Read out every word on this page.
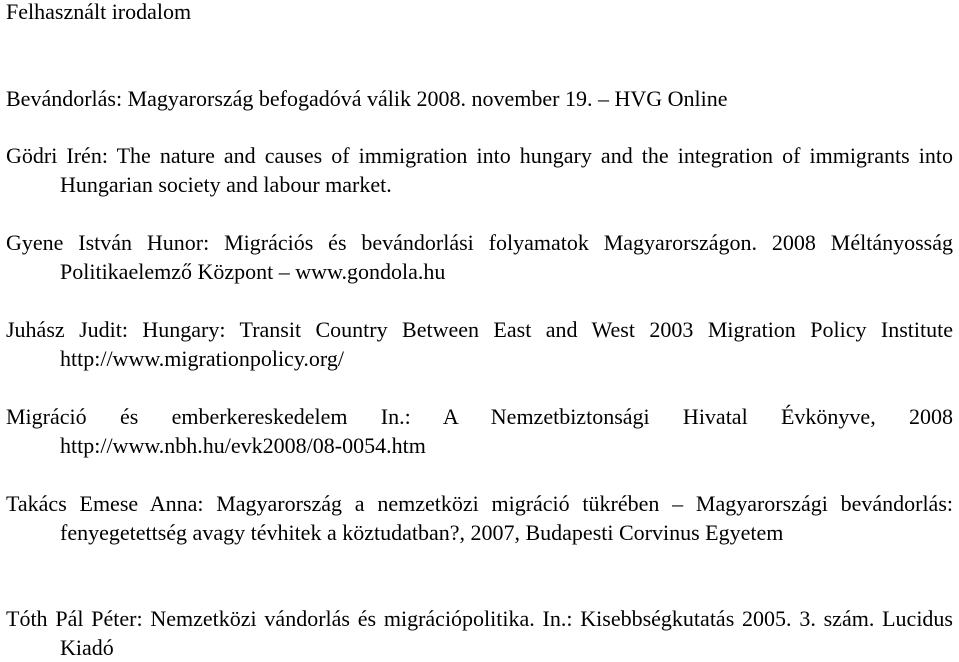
Felhasznált irodalom

Bevándorlás: Magyarország befogadóvá válik 2008. november 19. – HVG Online

Gödri Irén: The nature and causes of immigration into hungary and the integration of immigrants into Hungarian society and labour market.

Gyene István Hunor: Migrációs és bevándorlási folyamatok Magyarországon. 2008 Méltányosság Politikaelemző Központ – www.gondola.hu

Juhász Judit: Hungary: Transit Country Between East and West 2003 Migration Policy Institute http://www.migrationpolicy.org/

Migráció és emberkereskedelem In.: A Nemzetbiztonsági Hivatal Évkönyve, 2008 http://www.nbh.hu/evk2008/08-0054.htm

Takács Emese Anna: Magyarország a nemzetközi migráció tükrében – Magyarországi bevándorlás: fenyegetettség avagy tévhitek a köztudatban?, 2007, Budapesti Corvinus Egyetem

Tóth Pál Péter: Nemzetközi vándorlás és migrációpolitika. In.: Kisebbségkutatás 2005. 3. szám. Lucidus Kiadó
